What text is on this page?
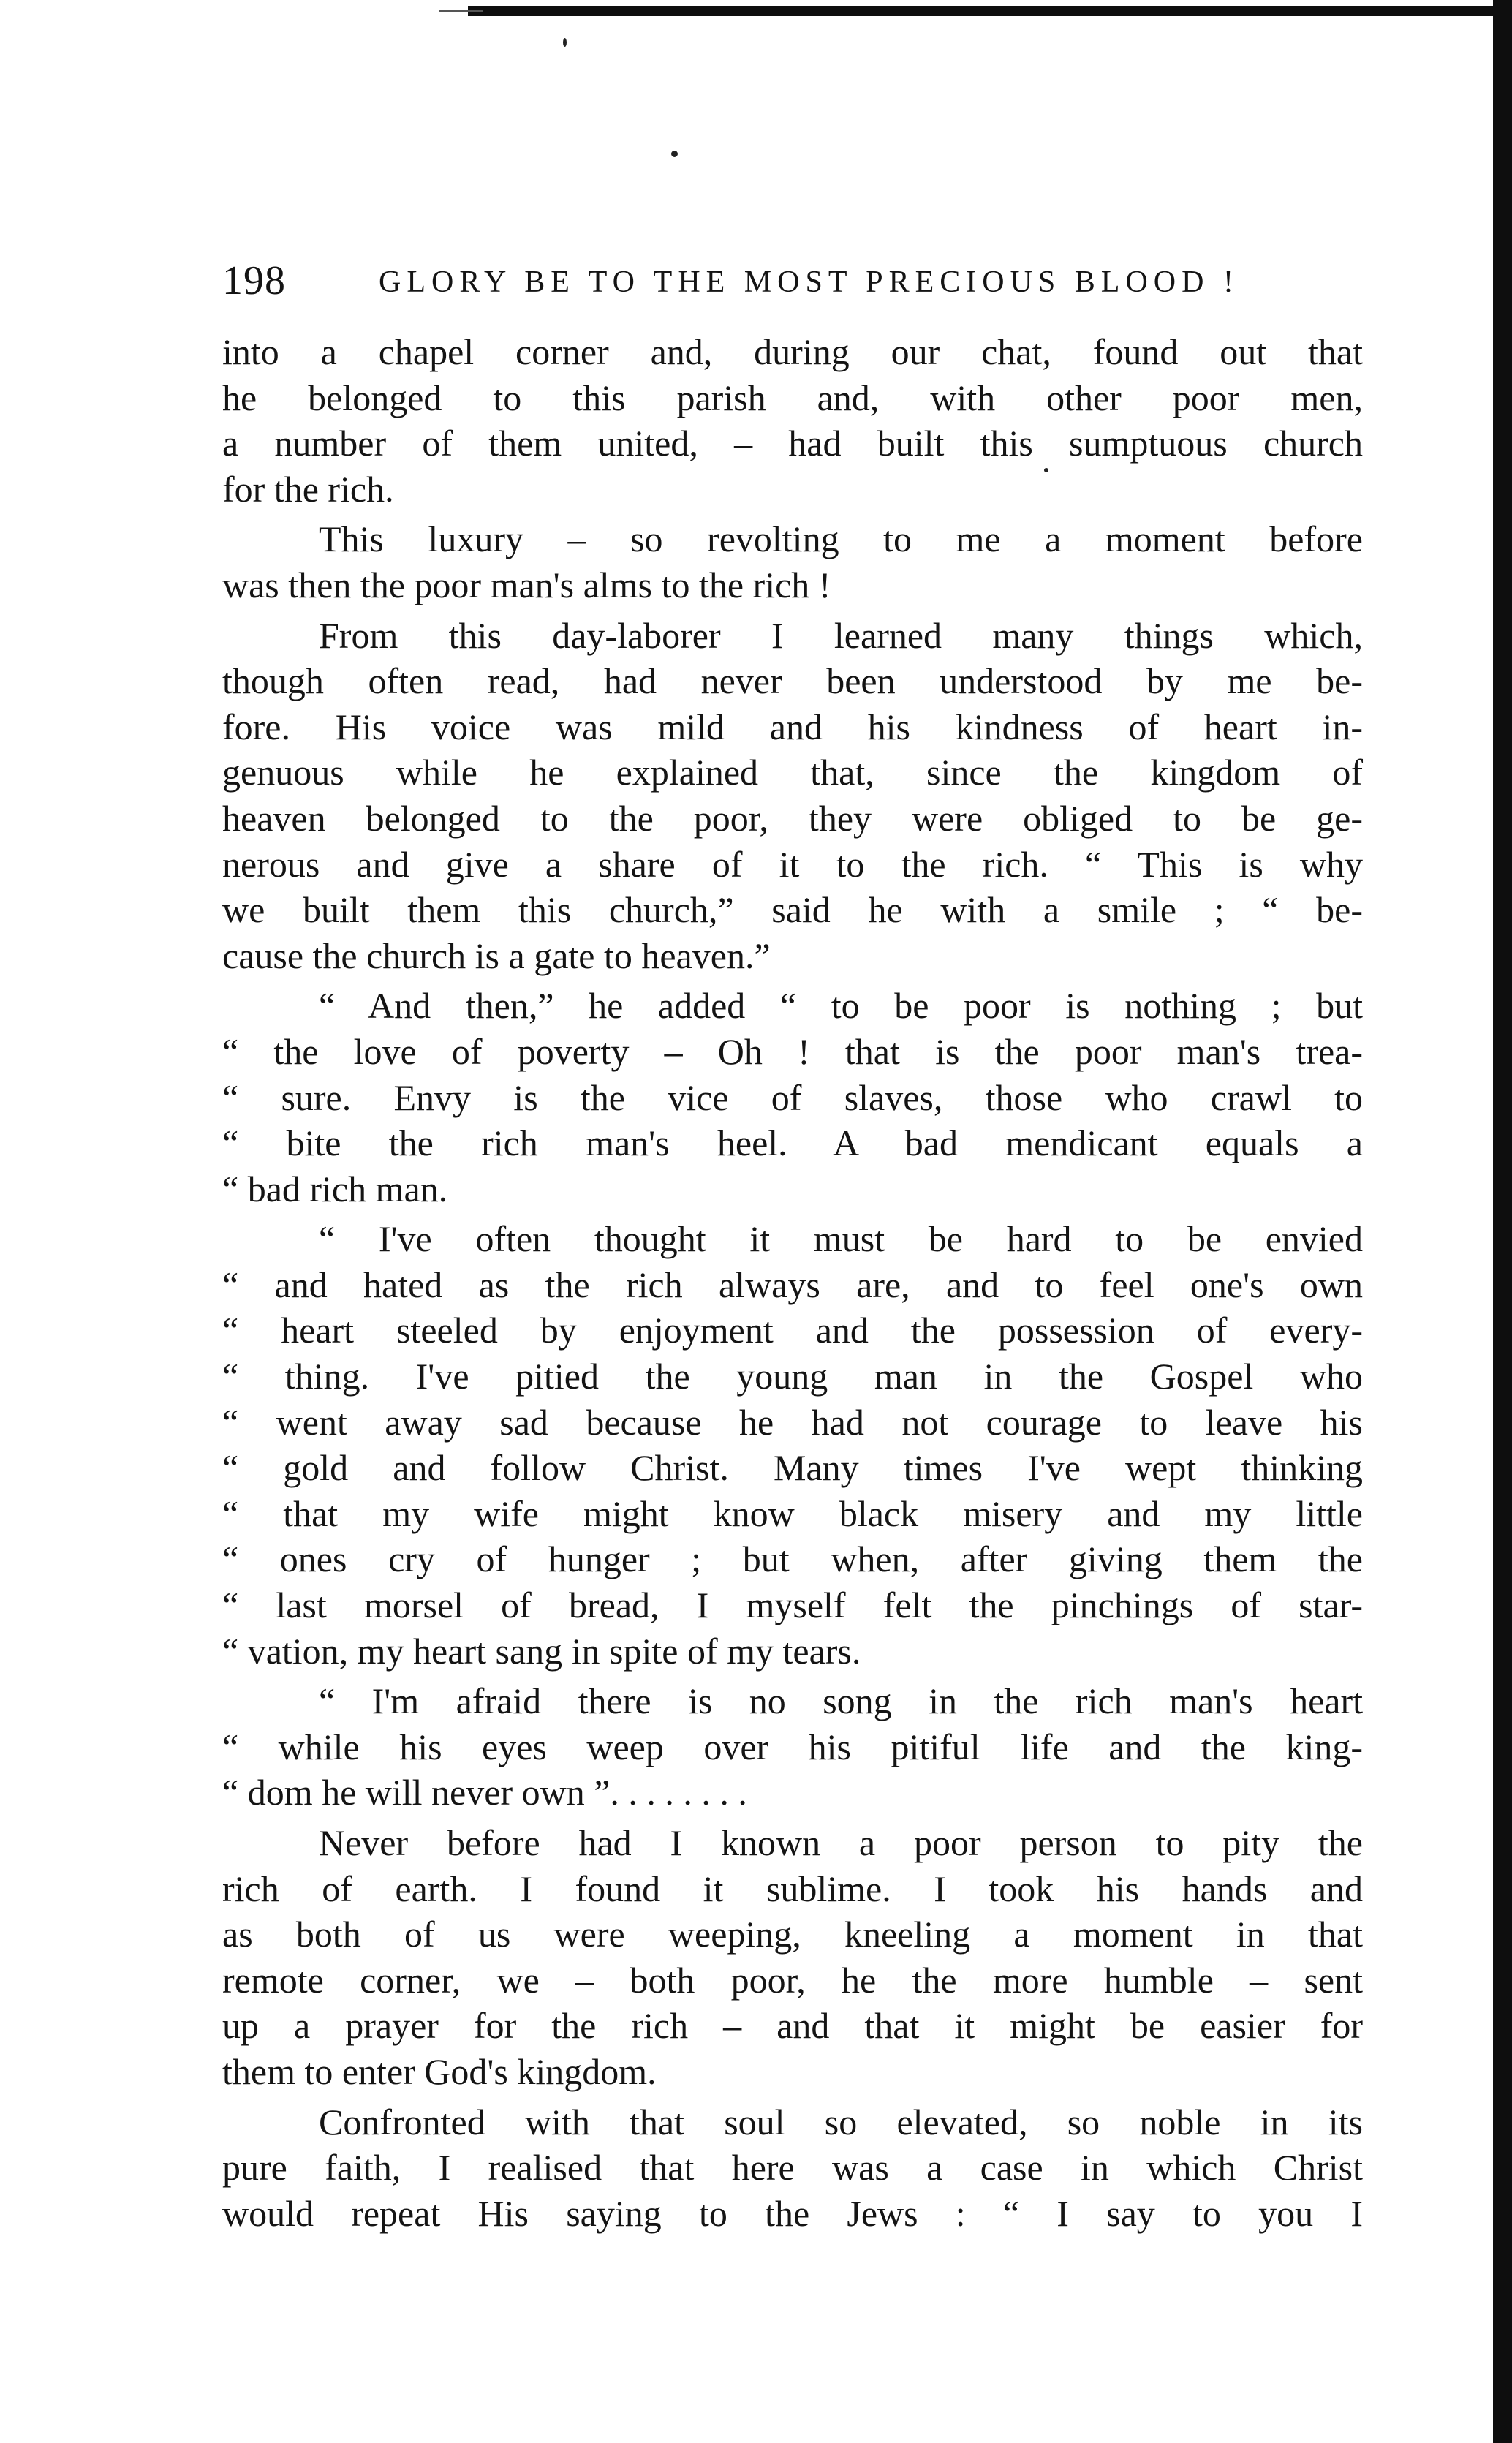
198	GLORY BE TO THE MOST PRECIOUS BLOOD !
into a chapel corner and, during our chat, found out that
he belonged to this parish and, with other poor men,
a number of them united, – had built this sumptuous church
for the rich.
This luxury – so revolting to me a moment before
was then the poor man's alms to the rich !
From this day-laborer I learned many things which,
though often read, had never been understood by me be-
fore. His voice was mild and his kindness of heart in-
genuous while he explained that, since the kingdom of
heaven belonged to the poor, they were obliged to be ge-
nerous and give a share of it to the rich. “ This is why
we built them this church,” said he with a smile ; “ be-
cause the church is a gate to heaven.”
“ And then,” he added “ to be poor is nothing ; but
“ the love of poverty – Oh ! that is the poor man's trea-
“ sure. Envy is the vice of slaves, those who crawl to
“ bite the rich man's heel. A bad mendicant equals a
“ bad rich man.
“ I've often thought it must be hard to be envied
“ and hated as the rich always are, and to feel one's own
“ heart steeled by enjoyment and the possession of every-
“ thing. I've pitied the young man in the Gospel who
“ went away sad because he had not courage to leave his
“ gold and follow Christ. Many times I've wept thinking
“ that my wife might know black misery and my little
“ ones cry of hunger ; but when, after giving them the
“ last morsel of bread, I myself felt the pinchings of star-
“ vation, my heart sang in spite of my tears.
“ I'm afraid there is no song in the rich man's heart
“ while his eyes weep over his pitiful life and the king-
“ dom he will never own ”. . . . . . . .
Never before had I known a poor person to pity the
rich of earth. I found it sublime. I took his hands and
as both of us were weeping, kneeling a moment in that
remote corner, we – both poor, he the more humble – sent
up a prayer for the rich – and that it might be easier for
them to enter God's kingdom.
Confronted with that soul so elevated, so noble in its
pure faith, I realised that here was a case in which Christ
would repeat His saying to the Jews : “ I say to you I
